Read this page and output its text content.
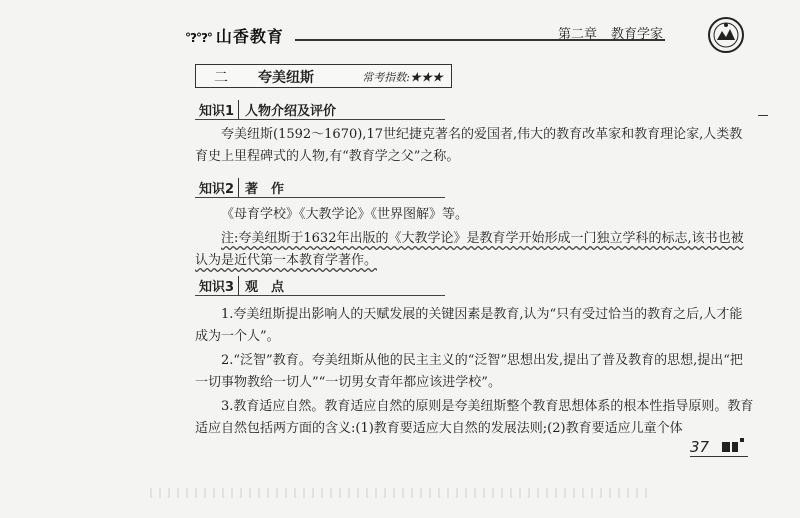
°?°?° 山香教育	第二章 教育学家
二 夸美纽斯	常考指数:★★★
知识1 人物介绍及评价

夸美纽斯(1592～1670),17世纪捷克著名的爱国者,伟大的教育改革家和教育理论家,人类教育史上里程碑式的人物,有“教育学之父”之称。

知识2 著　作

《母育学校》《大教学论》《世界图解》等。

注:夸美纽斯于1632年出版的《大教学论》是教育学开始形成一门独立学科的标志,该书也被认为是近代第一本教育学著作。

知识3 观　点

1.夸美纽斯提出影响人的天赋发展的关键因素是教育,认为“只有受过恰当的教育之后,人才能成为一个人”。

2.“泛智”教育。夸美纽斯从他的民主主义的“泛智”思想出发,提出了普及教育的思想,提出“把一切事物教给一切人”“一切男女青年都应该进学校”。

3.教育适应自然。教育适应自然的原则是夸美纽斯整个教育思想体系的根本性指导原则。教育适应自然包括两方面的含义:(1)教育要适应大自然的发展法则;(2)教育要适应儿童个体

37
